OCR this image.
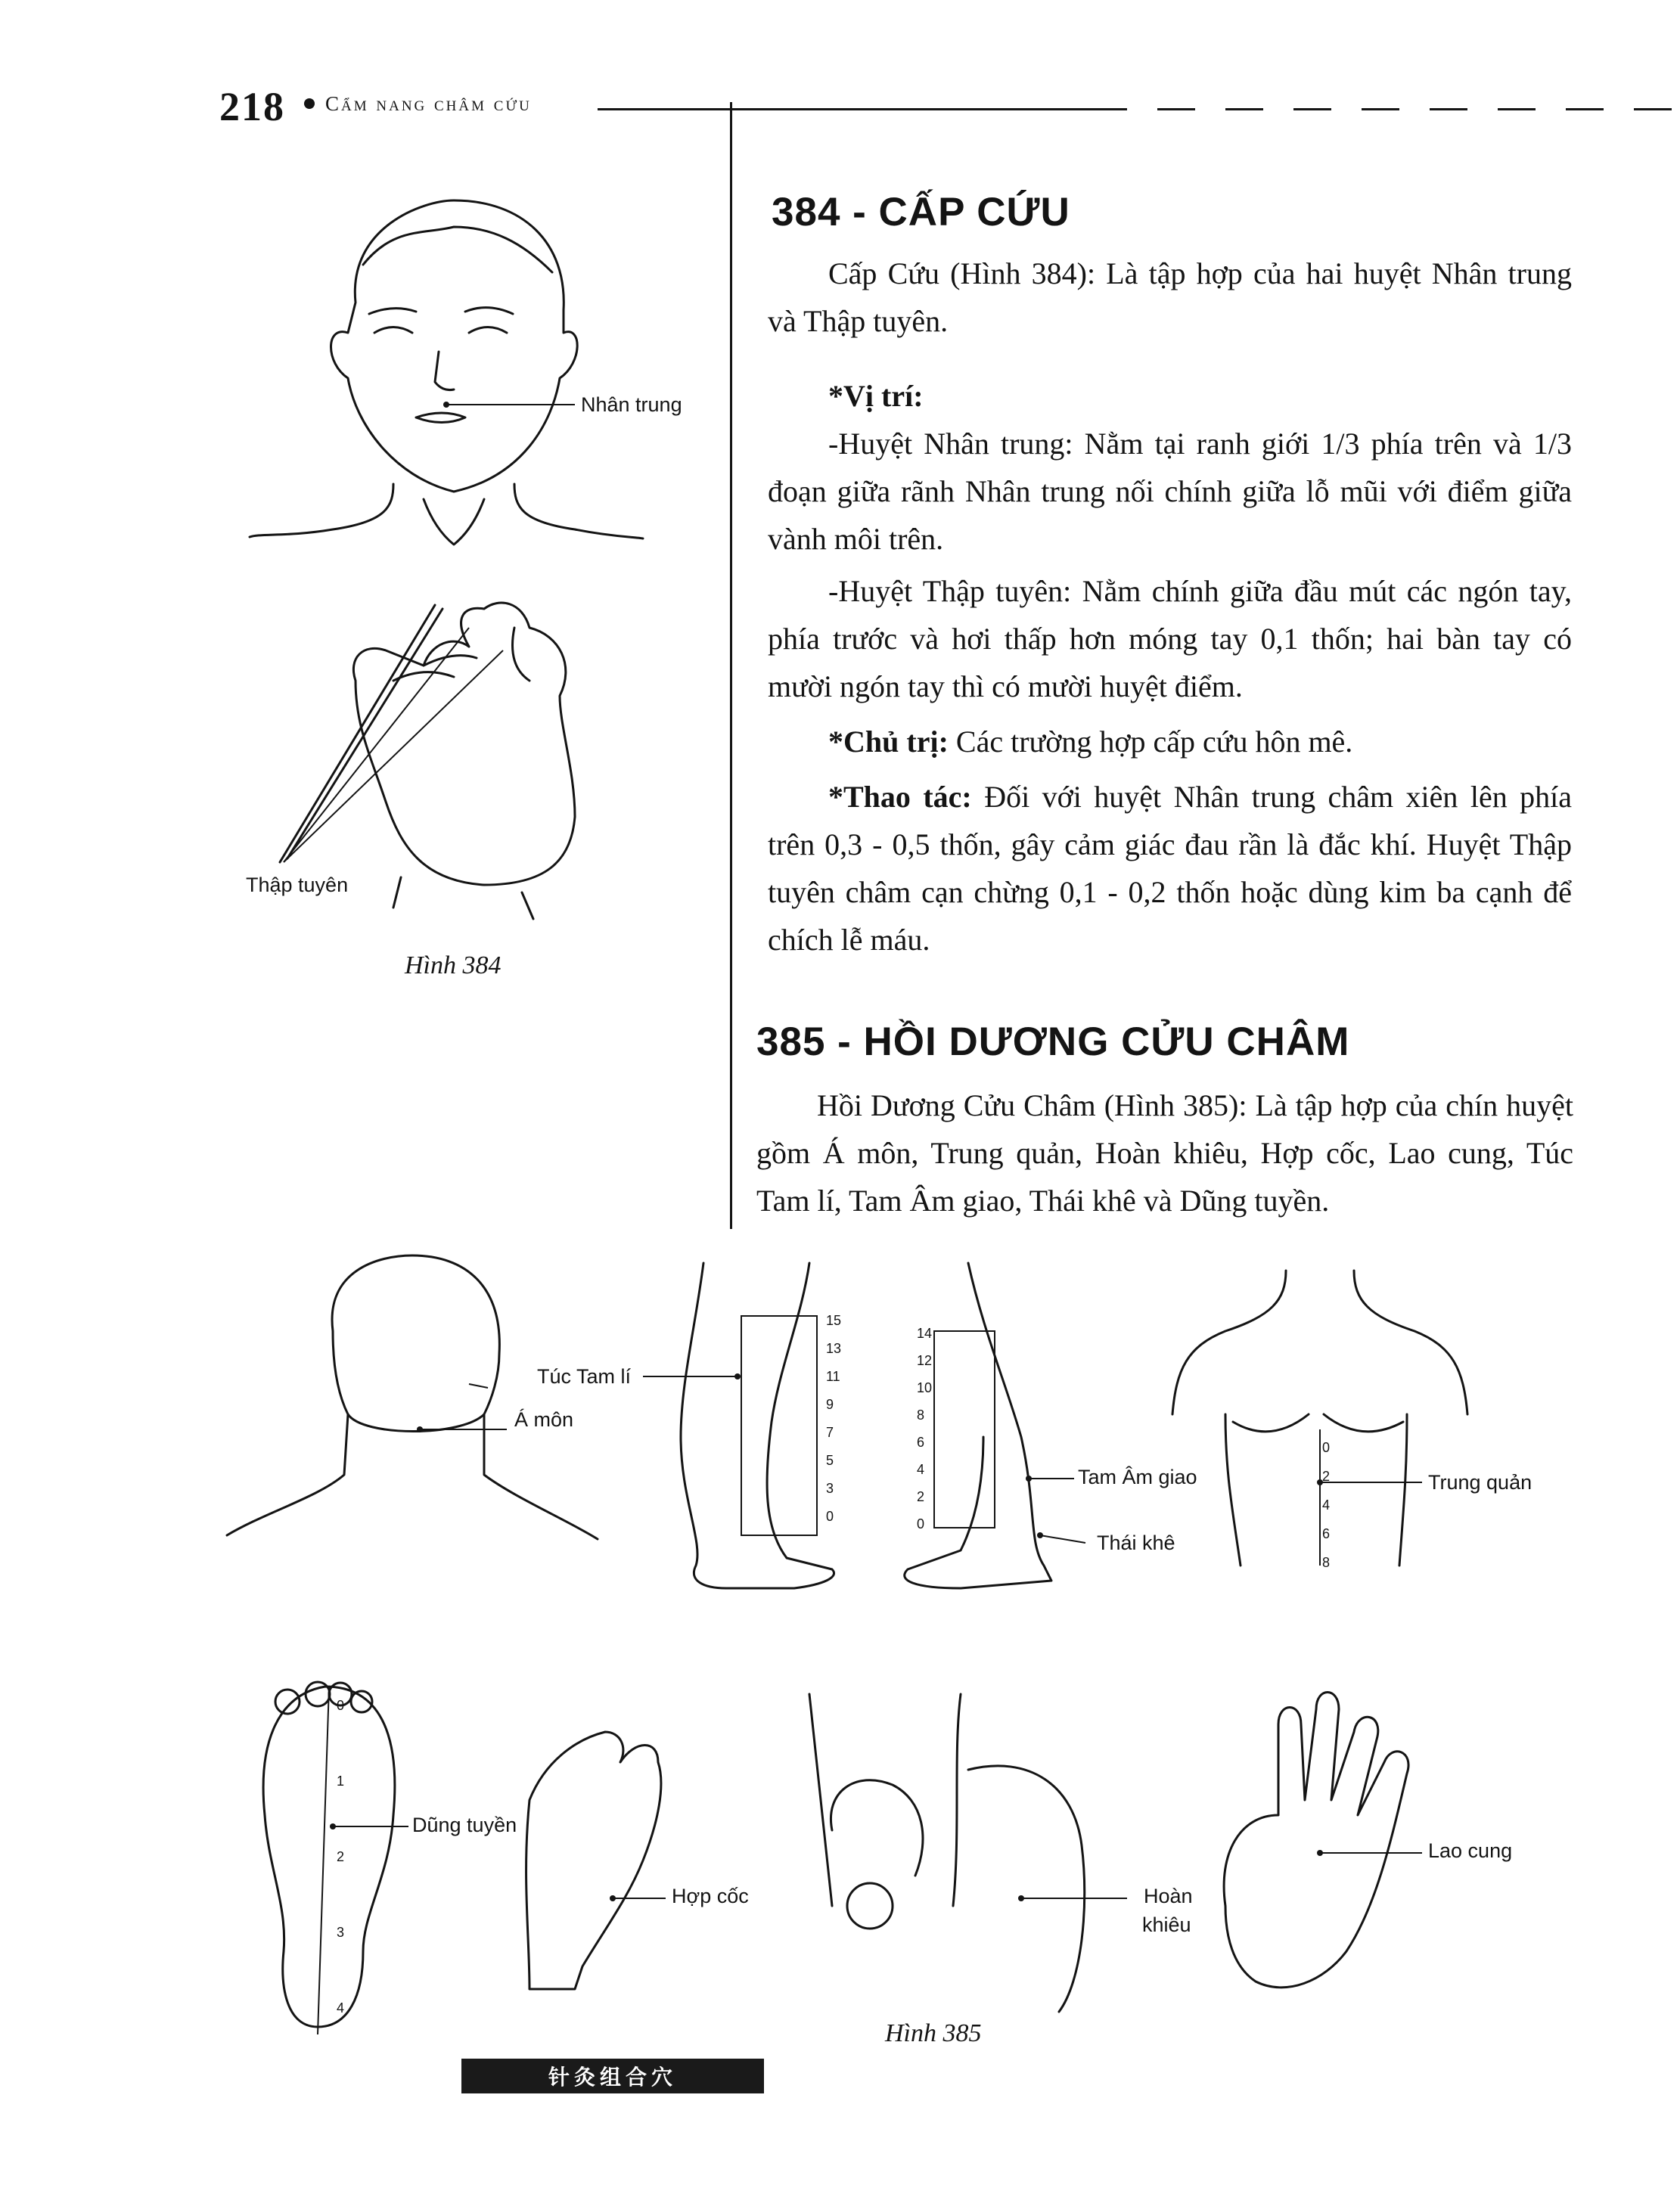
218 Cẩm nang châm cứu
384 - CẤP CỨU

Cấp Cứu (Hình 384): Là tập hợp của hai huyệt Nhân trung và Thập tuyên.

*Vị trí:

-Huyệt Nhân trung: Nằm tại ranh giới 1/3 phía trên và 1/3 đoạn giữa rãnh Nhân trung nối chính giữa lỗ mũi với điểm giữa vành môi trên.

-Huyệt Thập tuyên: Nằm chính giữa đầu mút các ngón tay, phía trước và hơi thấp hơn móng tay 0,1 thốn; hai bàn tay có mười ngón tay thì có mười huyệt điểm.

*Chủ trị: Các trường hợp cấp cứu hôn mê.

*Thao tác: Đối với huyệt Nhân trung châm xiên lên phía trên 0,3 - 0,5 thốn, gây cảm giác đau rần là đắc khí. Huyệt Thập tuyên châm cạn chừng 0,1 - 0,2 thốn hoặc dùng kim ba cạnh để chích lễ máu.

385 - HỒI DƯƠNG CỬU CHÂM

Hồi Dương Cửu Châm (Hình 385): Là tập hợp của chín huyệt gồm Á môn, Trung quản, Hoàn khiêu, Hợp cốc, Lao cung, Túc Tam lí, Tam Âm giao, Thái khê và Dũng tuyền.

Nhân trung
Thập tuyên
Hình 384
Túc Tam lí
Á môn
Tam Âm giao
Thái khê
Trung quản
Dũng tuyền
Hợp cốc	Hoàn
khiêu
Lao cung
Hình 385
15
13
11
9
7
5
3
0
14
12
10
8
6
4
2
0
0
2
4
6
8
0
1
2
3
4
针灸组合穴
